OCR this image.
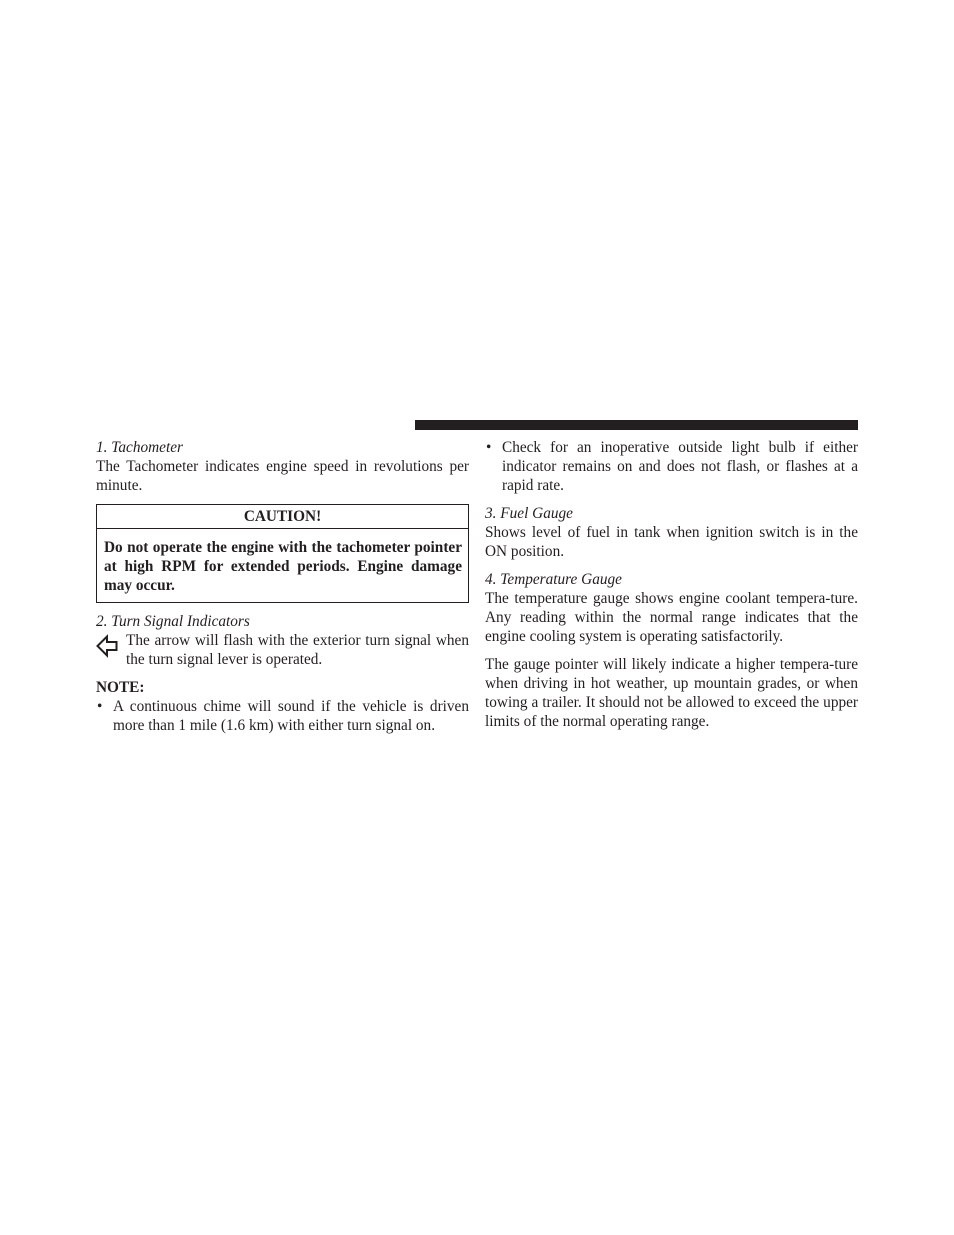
1. Tachometer

The Tachometer indicates engine speed in revolutions per minute.

CAUTION!
Do not operate the engine with the tachometer pointer at high RPM for extended periods. Engine damage may occur.

2. Turn Signal Indicators

The arrow will flash with the exterior turn signal when the turn signal lever is operated.

NOTE:

• A continuous chime will sound if the vehicle is driven more than 1 mile (1.6 km) with either turn signal on.
• Check for an inoperative outside light bulb if either indicator remains on and does not flash, or flashes at a rapid rate.

3. Fuel Gauge

Shows level of fuel in tank when ignition switch is in the ON position.

4. Temperature Gauge

The temperature gauge shows engine coolant tempera-ture. Any reading within the normal range indicates that the engine cooling system is operating satisfactorily.

The gauge pointer will likely indicate a higher tempera-ture when driving in hot weather, up mountain grades, or when towing a trailer. It should not be allowed to exceed the upper limits of the normal operating range.
